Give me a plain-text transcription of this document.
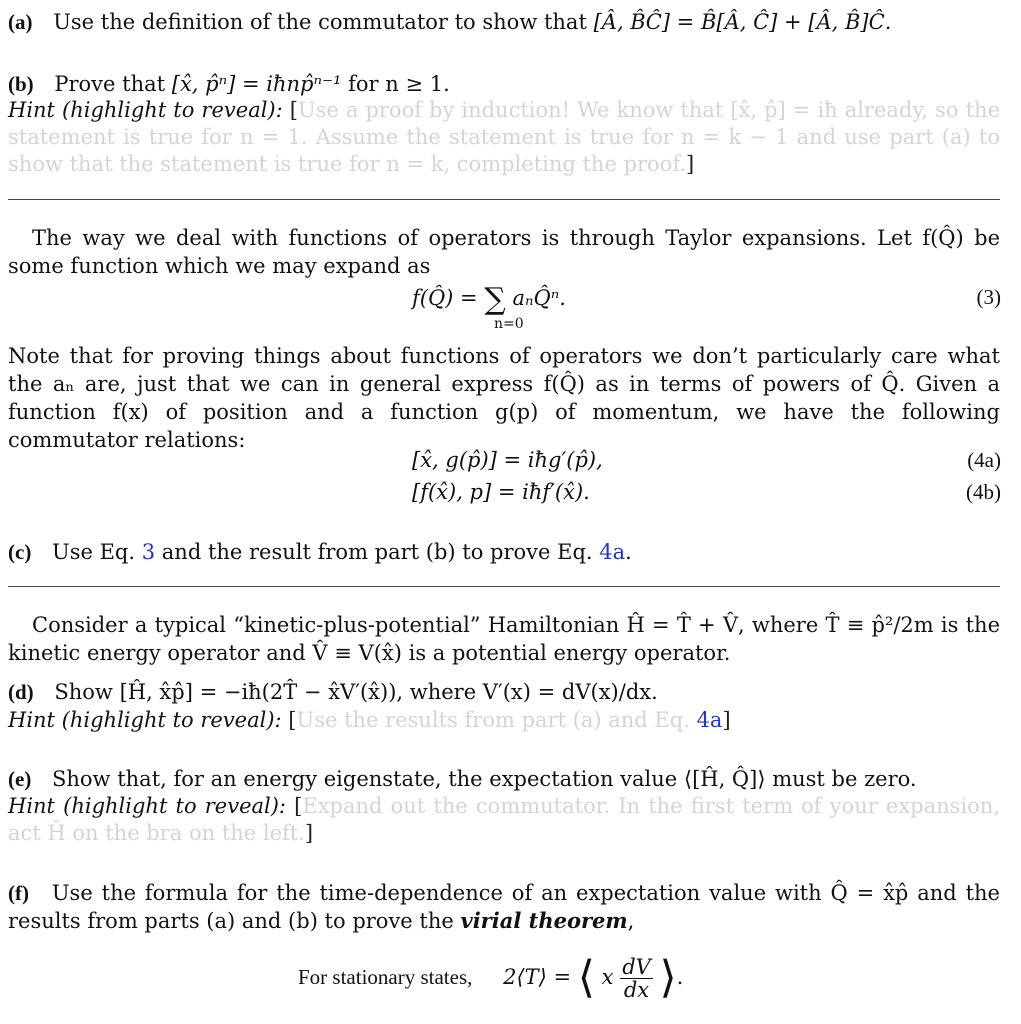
(a) Use the definition of the commutator to show that [Â, B̂Ĉ] = B̂[Â, Ĉ] + [Â, B̂]Ĉ.
(b) Prove that [x̂, p̂ⁿ] = iħnp̂ⁿ⁻¹ for n ≥ 1.
Hint (highlight to reveal): [Use a proof by induction! We know that [x̂, p̂] = iħ already, so the statement is true for n = 1. Assume the statement is true for n = k − 1 and use part (a) to show that the statement is true for n = k, completing the proof.]
The way we deal with functions of operators is through Taylor expansions. Let f(Q̂) be some function which we may expand as
f(Q̂) = ∑ aₙQ̂ⁿ.
n=0
(3)
Note that for proving things about functions of operators we don’t particularly care what the aₙ are, just that we can in general express f(Q̂) as in terms of powers of Q̂. Given a function f(x) of position and a function g(p) of momentum, we have the following commutator relations:
[x̂, g(p̂)] = iħg′(p̂),	(4a)
[f(x̂), p] = iħf′(x̂).	(4b)
(c) Use Eq. 3 and the result from part (b) to prove Eq. 4a.
Consider a typical “kinetic-plus-potential” Hamiltonian Ĥ = T̂ + V̂, where T̂ ≡ p̂²/2m is the kinetic energy operator and V̂ ≡ V(x̂) is a potential energy operator.
(d) Show [Ĥ, x̂p̂] = −iħ(2T̂ − x̂V′(x̂)), where V′(x) = dV(x)/dx.
Hint (highlight to reveal): [Use the results from part (a) and Eq. 4a]
(e) Show that, for an energy eigenstate, the expectation value ⟨[Ĥ, Q̂]⟩ must be zero.
Hint (highlight to reveal): [Expand out the commutator. In the first term of your expansion, act Ĥ on the bra on the left.]
(f) Use the formula for the time-dependence of an expectation value with Q̂ = x̂p̂ and the results from parts (a) and (b) to prove the virial theorem,
For stationary states, 2⟨T⟩ = ⟨ x $\frac{dV}{dx}$ ⟩.
